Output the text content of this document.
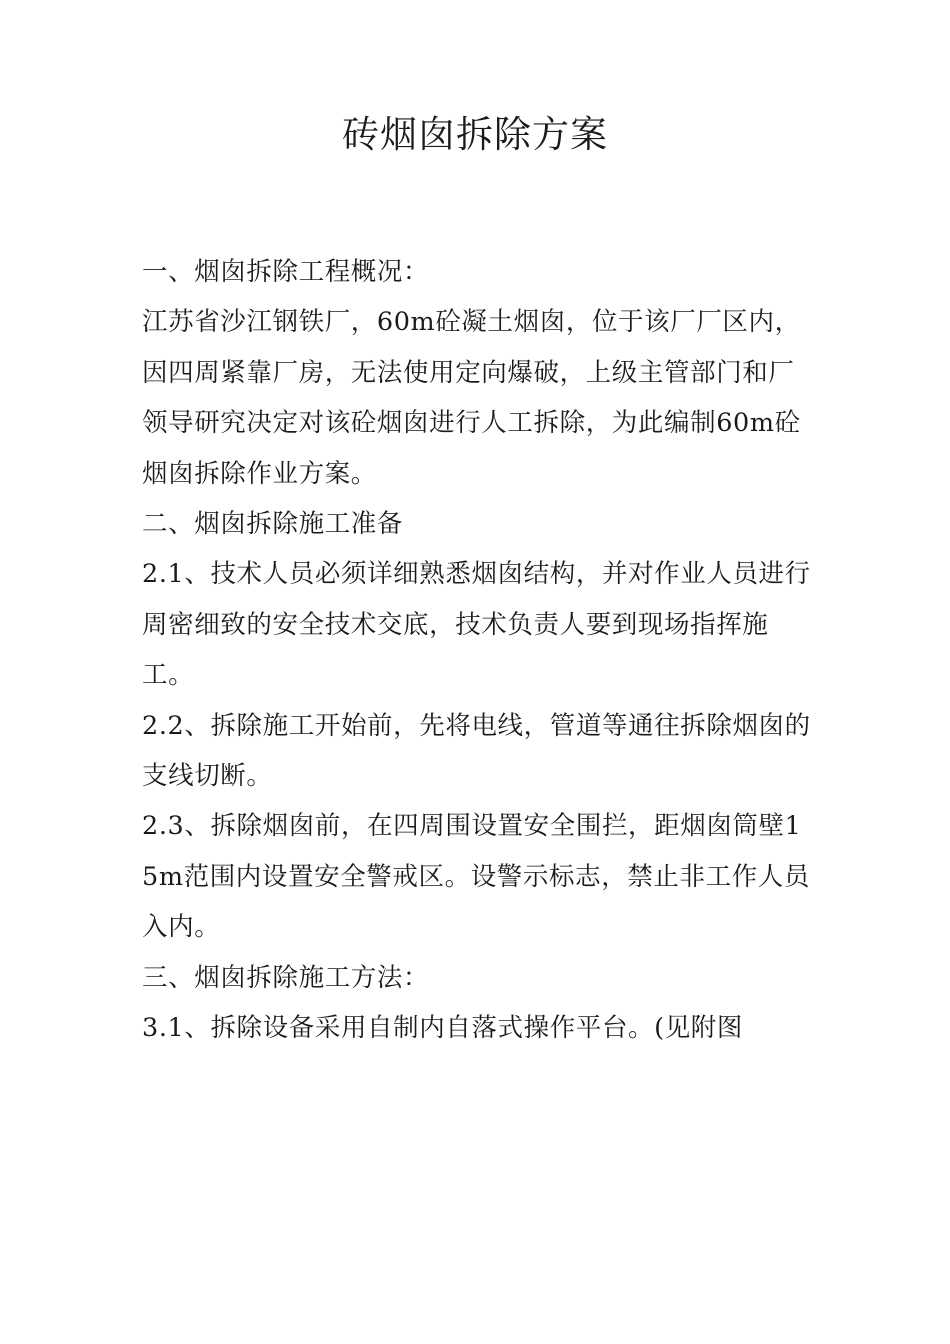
砖烟囱拆除方案

一、烟囱拆除工程概况：

江苏省沙江钢铁厂，60m砼凝土烟囱，位于该厂厂区内，因四周紧靠厂房，无法使用定向爆破，上级主管部门和厂领导研究决定对该砼烟囱进行人工拆除，为此编制60m砼烟囱拆除作业方案。

二、烟囱拆除施工准备

2.1、技术人员必须详细熟悉烟囱结构，并对作业人员进行周密细致的安全技术交底，技术负责人要到现场指挥施工。

2.2、拆除施工开始前，先将电线，管道等通往拆除烟囱的支线切断。

2.3、拆除烟囱前，在四周围设置安全围拦，距烟囱筒壁15m范围内设置安全警戒区。设警示标志，禁止非工作人员入内。

三、烟囱拆除施工方法：

3.1、拆除设备采用自制内自落式操作平台。(见附图
